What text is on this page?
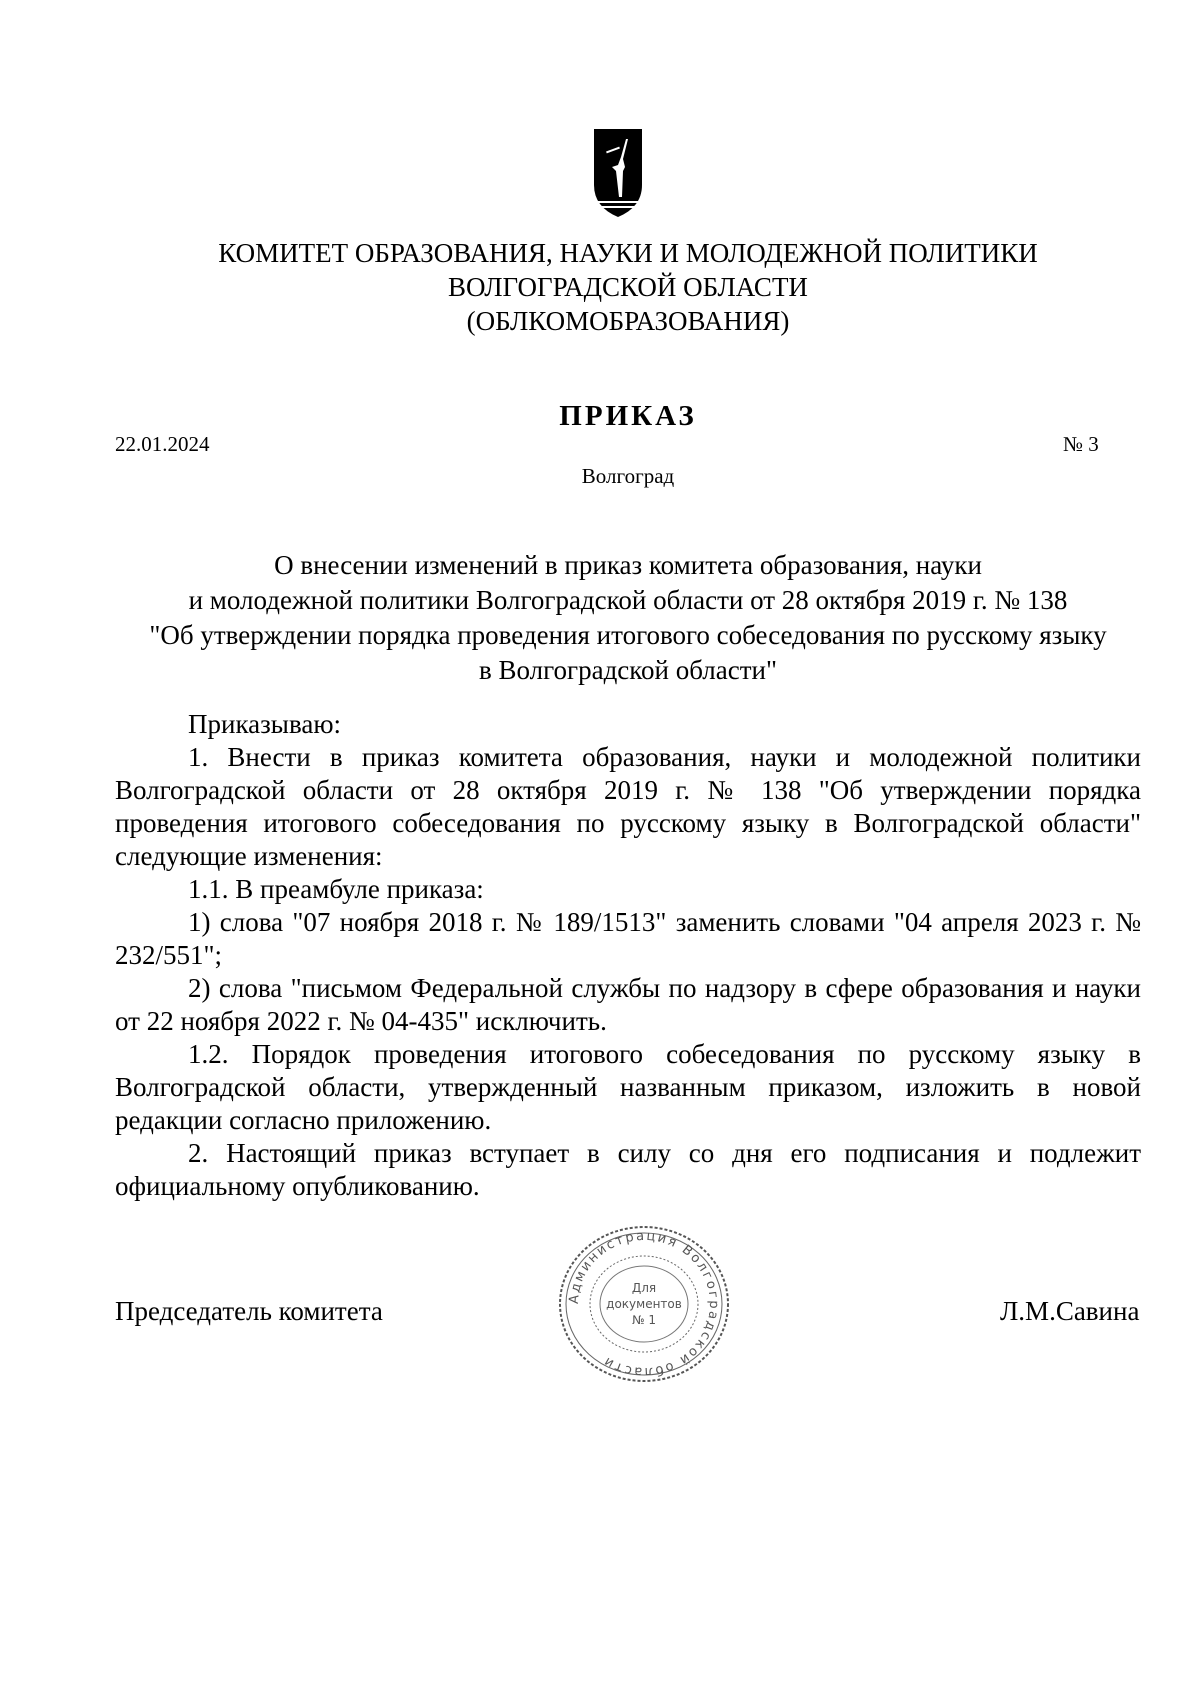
КОМИТЕТ ОБРАЗОВАНИЯ, НАУКИ И МОЛОДЕЖНОЙ ПОЛИТИКИ
ВОЛГОГРАДСКОЙ ОБЛАСТИ
(ОБЛКОМОБРАЗОВАНИЯ)
ПРИКАЗ
22.01.2024	№ 3
Волгоград
О внесении изменений в приказ комитета образования, науки
и молодежной политики Волгоградской области от 28 октября 2019 г. № 138
"Об утверждении порядка проведения итогового собеседования по русскому языку
в Волгоградской области"

Приказываю:

1. Внести в приказ комитета образования, науки и молодежной политики Волгоградской области от 28 октября 2019 г. № 138 "Об утверждении порядка проведения итогового собеседования по русскому языку в Волгоградской области" следующие изменения:

1.1. В преамбуле приказа:

1) слова "07 ноября 2018 г. № 189/1513" заменить словами "04 апреля 2023 г. № 232/551";

2) слова "письмом Федеральной службы по надзору в сфере образования и науки от 22 ноября 2022 г. № 04-435" исключить.

1.2. Порядок проведения итогового собеседования по русскому языку в Волгоградской области, утвержденный названным приказом, изложить в новой редакции согласно приложению.

2. Настоящий приказ вступает в силу со дня его подписания и подлежит официальному опубликованию.

Председатель комитета	Л.М.Савина
Администрация Волгоградской области
Для
документов
№ 1
